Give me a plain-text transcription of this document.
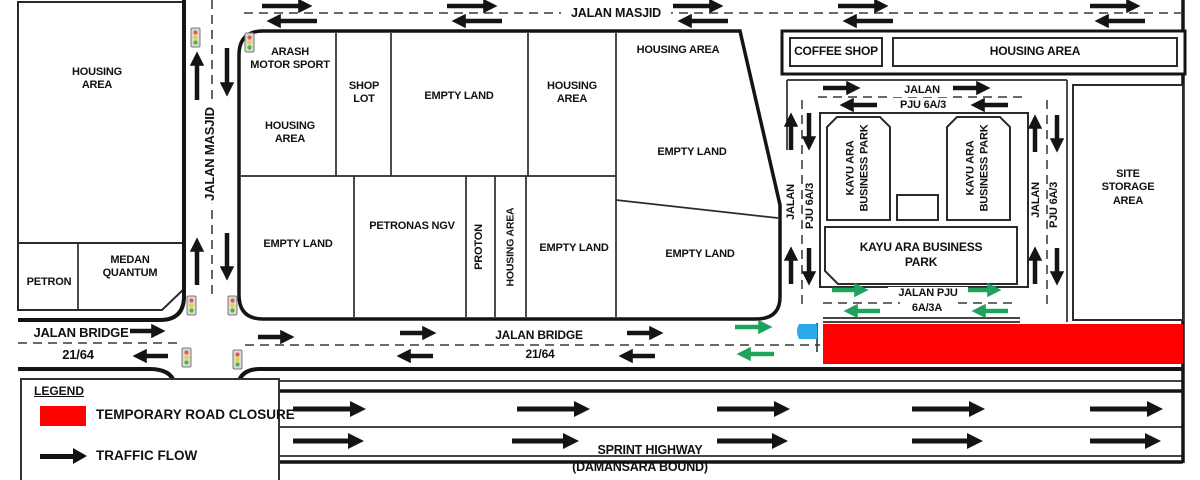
HOUSING AREA
PETRON
MEDAN QUANTUM
ARASH MOTOR SPORT
HOUSING AREA
SHOP LOT	EMPTY LAND
HOUSING AREA
HOUSING AREA
EMPTY LAND
EMPTY LAND
PETRONAS NGV PROTON HOUSING AREA	EMPTY LAND	EMPTY LAND
COFFEE SHOP	HOUSING AREA
KAYU ARA BUSINESS PARK	KAYU ARA BUSINESS PARK
KAYU ARA BUSINESS PARK
SITE STORAGE AREA
JALAN MASJID
JALAN MASJID
JALAN BRIDGE
21/64
JALAN BRIDGE
21/64
JALAN
PJU 6A/3
JALAN PJU 6A/3	JALAN PJU 6A/3
JALAN PJU
6A/3A
SPRINT HIGHWAY
(DAMANSARA BOUND)
LEGEND
TEMPORARY ROAD CLOSURE
TRAFFIC FLOW
